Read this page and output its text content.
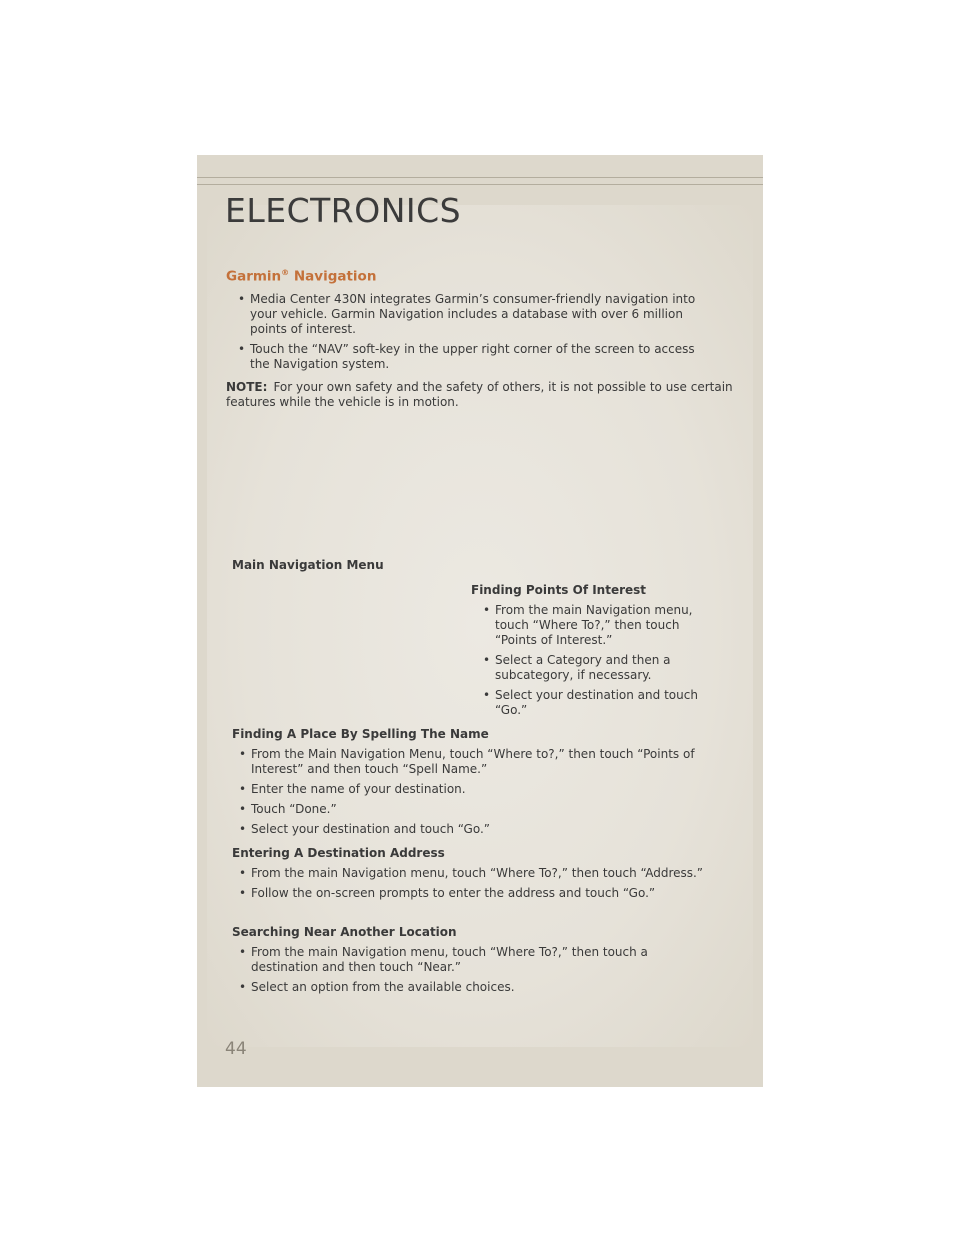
ELECTRONICS
Garmin® Navigation
• Media Center 430N integrates Garmin’s consumer-friendly navigation into your vehicle. Garmin Navigation includes a database with over 6 million points of interest.
• Touch the “NAV” soft-key in the upper right corner of the screen to access the Navigation system.

NOTE: For your own safety and the safety of others, it is not possible to use certain features while the vehicle is in motion.

Main Navigation Menu

Finding Points Of Interest

• From the main Navigation menu, touch “Where To?,” then touch “Points of Interest.”
• Select a Category and then a subcategory, if necessary.
• Select your destination and touch “Go.”

Finding A Place By Spelling The Name

• From the Main Navigation Menu, touch “Where to?,” then touch “Points of Interest” and then touch “Spell Name.”
• Enter the name of your destination.
• Touch “Done.”
• Select your destination and touch “Go.”

Entering A Destination Address

• From the main Navigation menu, touch “Where To?,” then touch “Address.”
• Follow the on-screen prompts to enter the address and touch “Go.”

Searching Near Another Location

• From the main Navigation menu, touch “Where To?,” then touch a destination and then touch “Near.”
• Select an option from the available choices.
44
